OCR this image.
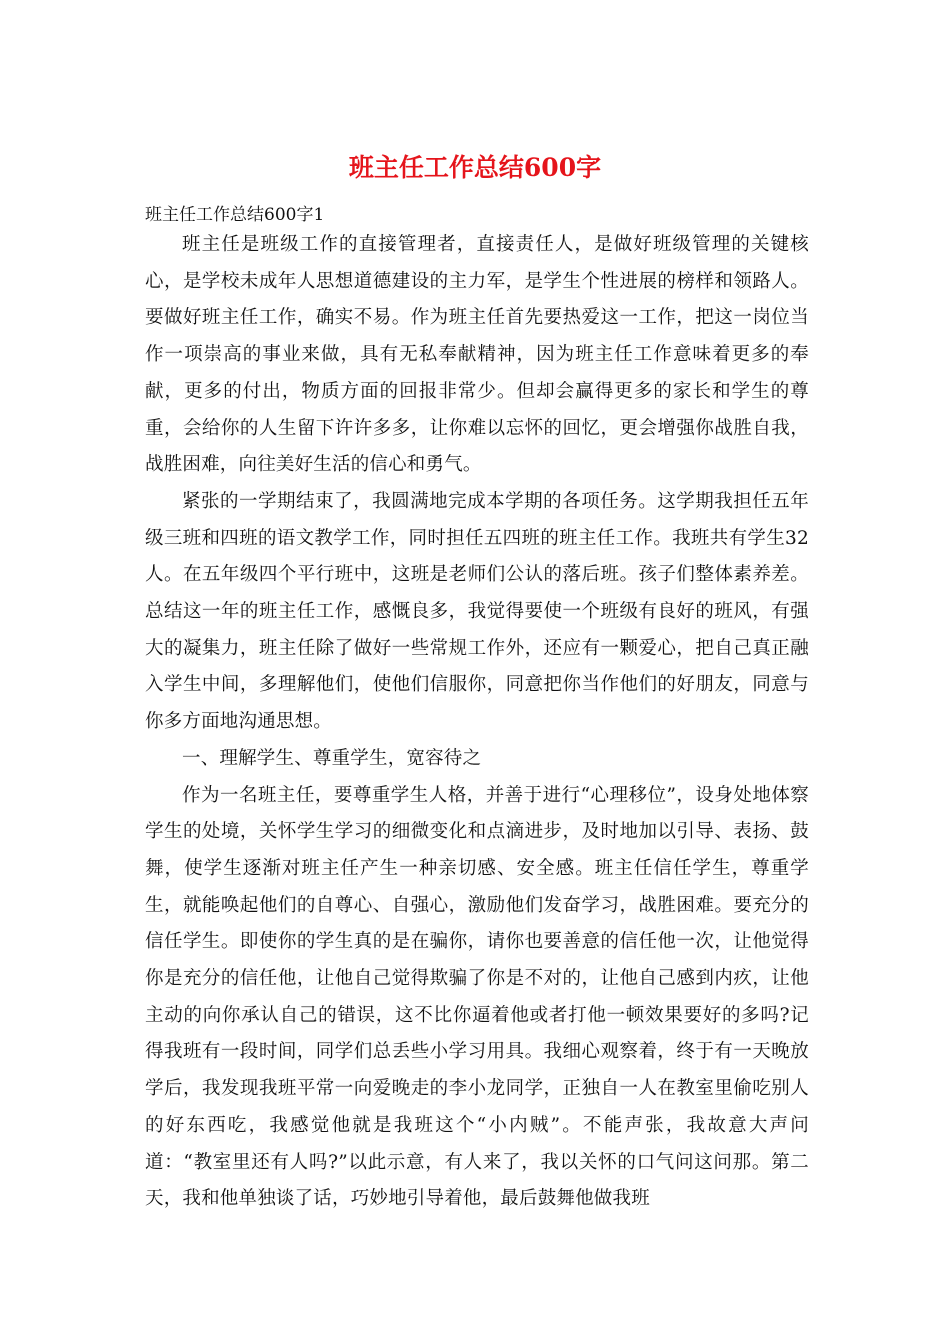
班主任工作总结600字
班主任工作总结600字1

班主任是班级工作的直接管理者，直接责任人，是做好班级管理的关键核心，是学校未成年人思想道德建设的主力军，是学生个性进展的榜样和领路人。要做好班主任工作，确实不易。作为班主任首先要热爱这一工作，把这一岗位当作一项崇高的事业来做，具有无私奉献精神，因为班主任工作意味着更多的奉献，更多的付出，物质方面的回报非常少。但却会赢得更多的家长和学生的尊重，会给你的人生留下许许多多，让你难以忘怀的回忆，更会增强你战胜自我，战胜困难，向往美好生活的信心和勇气。

紧张的一学期结束了，我圆满地完成本学期的各项任务。这学期我担任五年级三班和四班的语文教学工作，同时担任五四班的班主任工作。我班共有学生32人。在五年级四个平行班中，这班是老师们公认的落后班。孩子们整体素养差。总结这一年的班主任工作，感慨良多，我觉得要使一个班级有良好的班风，有强大的凝集力，班主任除了做好一些常规工作外，还应有一颗爱心，把自己真正融入学生中间，多理解他们，使他们信服你，同意把你当作他们的好朋友，同意与你多方面地沟通思想。

一、理解学生、尊重学生，宽容待之

作为一名班主任，要尊重学生人格，并善于进行“心理移位”，设身处地体察学生的处境，关怀学生学习的细微变化和点滴进步，及时地加以引导、表扬、鼓舞，使学生逐渐对班主任产生一种亲切感、安全感。班主任信任学生，尊重学生，就能唤起他们的自尊心、自强心，激励他们发奋学习，战胜困难。要充分的信任学生。即使你的学生真的是在骗你，请你也要善意的信任他一次，让他觉得你是充分的信任他，让他自己觉得欺骗了你是不对的，让他自己感到内疚，让他主动的向你承认自己的错误，这不比你逼着他或者打他一顿效果要好的多吗?记得我班有一段时间，同学们总丢些小学习用具。我细心观察着，终于有一天晚放学后，我发现我班平常一向爱晚走的李小龙同学，正独自一人在教室里偷吃别人的好东西吃，我感觉他就是我班这个“小内贼”。不能声张，我故意大声问道：“教室里还有人吗?”以此示意，有人来了，我以关怀的口气问这问那。第二天，我和他单独谈了话，巧妙地引导着他，最后鼓舞他做我班
